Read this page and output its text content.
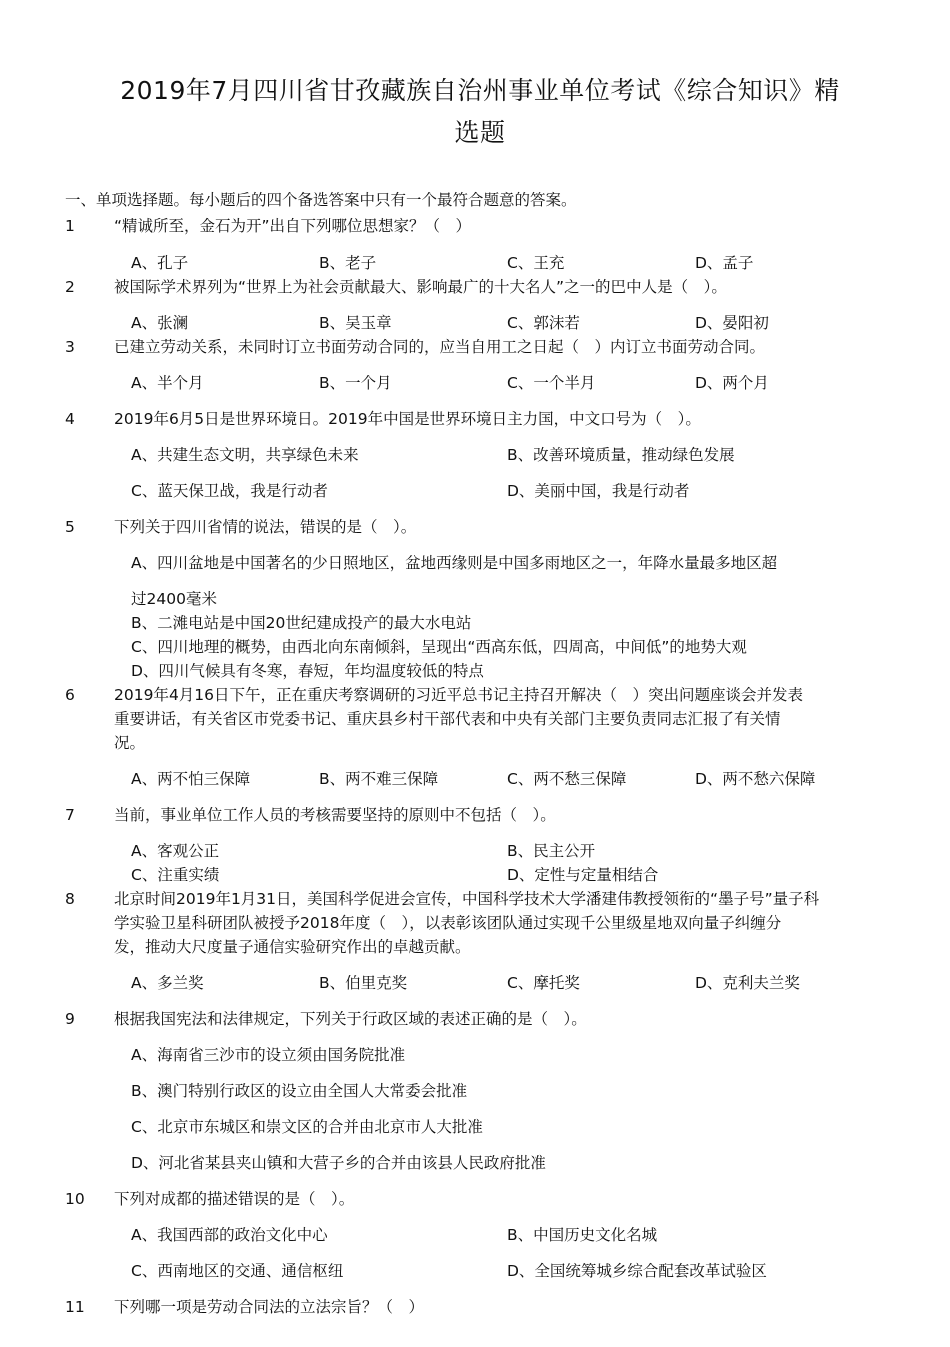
2019年7月四川省甘孜藏族自治州事业单位考试《综合知识》精
选题
一、单项选择题。每小题后的四个备选答案中只有一个最符合题意的答案。
1	“精诚所至，金石为开”出自下列哪位思想家？（　）
A、孔子	B、老子	C、王充	D、孟子
2	被国际学术界列为“世界上为社会贡献最大、影响最广的十大名人”之一的巴中人是（　）。
A、张澜	B、吴玉章	C、郭沫若	D、晏阳初
3	已建立劳动关系，未同时订立书面劳动合同的，应当自用工之日起（　）内订立书面劳动合同。
A、半个月	B、一个月	C、一个半月	D、两个月
4	2019年6月5日是世界环境日。2019年中国是世界环境日主力国，中文口号为（　）。
A、共建生态文明，共享绿色未来	B、改善环境质量，推动绿色发展
C、蓝天保卫战，我是行动者	D、美丽中国，我是行动者
5	下列关于四川省情的说法，错误的是（　）。
A、四川盆地是中国著名的少日照地区，盆地西缘则是中国多雨地区之一，年降水量最多地区超
过2400毫米
B、二滩电站是中国20世纪建成投产的最大水电站
C、四川地理的概势，由西北向东南倾斜，呈现出“西高东低，四周高，中间低”的地势大观
D、四川气候具有冬寒，春短，年均温度较低的特点
6	2019年4月16日下午，正在重庆考察调研的习近平总书记主持召开解决（　）突出问题座谈会并发表
重要讲话，有关省区市党委书记、重庆县乡村干部代表和中央有关部门主要负责同志汇报了有关情
况。
A、两不怕三保障	B、两不难三保障	C、两不愁三保障	D、两不愁六保障
7	当前，事业单位工作人员的考核需要坚持的原则中不包括（　）。
A、客观公正	B、民主公开
C、注重实绩	D、定性与定量相结合
8	北京时间2019年1月31日，美国科学促进会宣传，中国科学技术大学潘建伟教授领衔的“墨子号”量子科
学实验卫星科研团队被授予2018年度（　），以表彰该团队通过实现千公里级星地双向量子纠缠分
发，推动大尺度量子通信实验研究作出的卓越贡献。
A、多兰奖	B、伯里克奖	C、摩托奖	D、克利夫兰奖
9	根据我国宪法和法律规定，下列关于行政区域的表述正确的是（　）。
A、海南省三沙市的设立须由国务院批准
B、澳门特别行政区的设立由全国人大常委会批准
C、北京市东城区和崇文区的合并由北京市人大批准
D、河北省某县夹山镇和大营子乡的合并由该县人民政府批准
10 下列对成都的描述错误的是（　）。
A、我国西部的政治文化中心	B、中国历史文化名城
C、西南地区的交通、通信枢纽	D、全国统筹城乡综合配套改革试验区
11 下列哪一项是劳动合同法的立法宗旨？（　）
